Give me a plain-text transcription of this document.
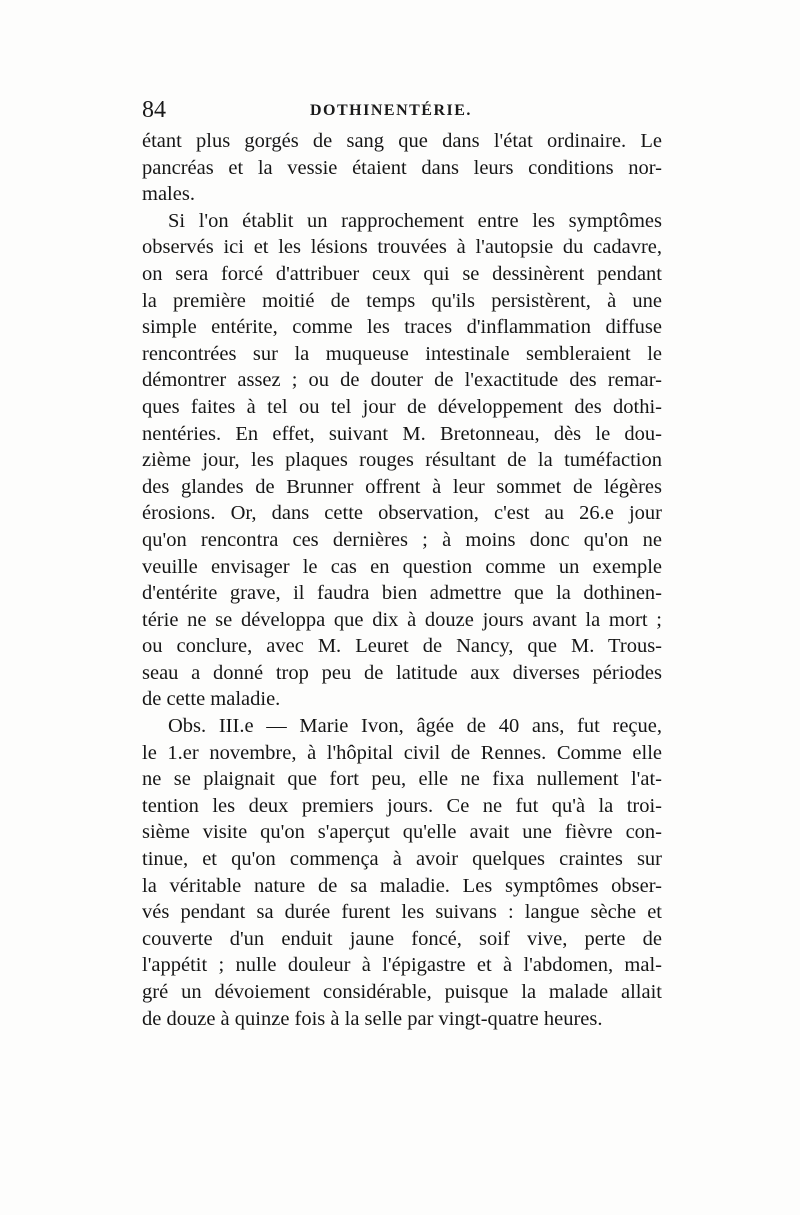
84	DOTHINENTÉRIE.
étant plus gorgés de sang que dans l'état ordinaire. Le
pancréas et la vessie étaient dans leurs conditions nor-
males.
Si l'on établit un rapprochement entre les symptômes
observés ici et les lésions trouvées à l'autopsie du cadavre,
on sera forcé d'attribuer ceux qui se dessinèrent pendant
la première moitié de temps qu'ils persistèrent, à une
simple entérite, comme les traces d'inflammation diffuse
rencontrées sur la muqueuse intestinale sembleraient le
démontrer assez ; ou de douter de l'exactitude des remar-
ques faites à tel ou tel jour de développement des dothi-
nentéries. En effet, suivant M. Bretonneau, dès le dou-
zième jour, les plaques rouges résultant de la tuméfaction
des glandes de Brunner offrent à leur sommet de légères
érosions. Or, dans cette observation, c'est au 26.e jour
qu'on rencontra ces dernières ; à moins donc qu'on ne
veuille envisager le cas en question comme un exemple
d'entérite grave, il faudra bien admettre que la dothinen-
térie ne se développa que dix à douze jours avant la mort ;
ou conclure, avec M. Leuret de Nancy, que M. Trous-
seau a donné trop peu de latitude aux diverses périodes
de cette maladie.
Obs. III.e — Marie Ivon, âgée de 40 ans, fut reçue,
le 1.er novembre, à l'hôpital civil de Rennes. Comme elle
ne se plaignait que fort peu, elle ne fixa nullement l'at-
tention les deux premiers jours. Ce ne fut qu'à la troi-
sième visite qu'on s'aperçut qu'elle avait une fièvre con-
tinue, et qu'on commença à avoir quelques craintes sur
la véritable nature de sa maladie. Les symptômes obser-
vés pendant sa durée furent les suivans : langue sèche et
couverte d'un enduit jaune foncé, soif vive, perte de
l'appétit ; nulle douleur à l'épigastre et à l'abdomen, mal-
gré un dévoiement considérable, puisque la malade allait
de douze à quinze fois à la selle par vingt-quatre heures.
